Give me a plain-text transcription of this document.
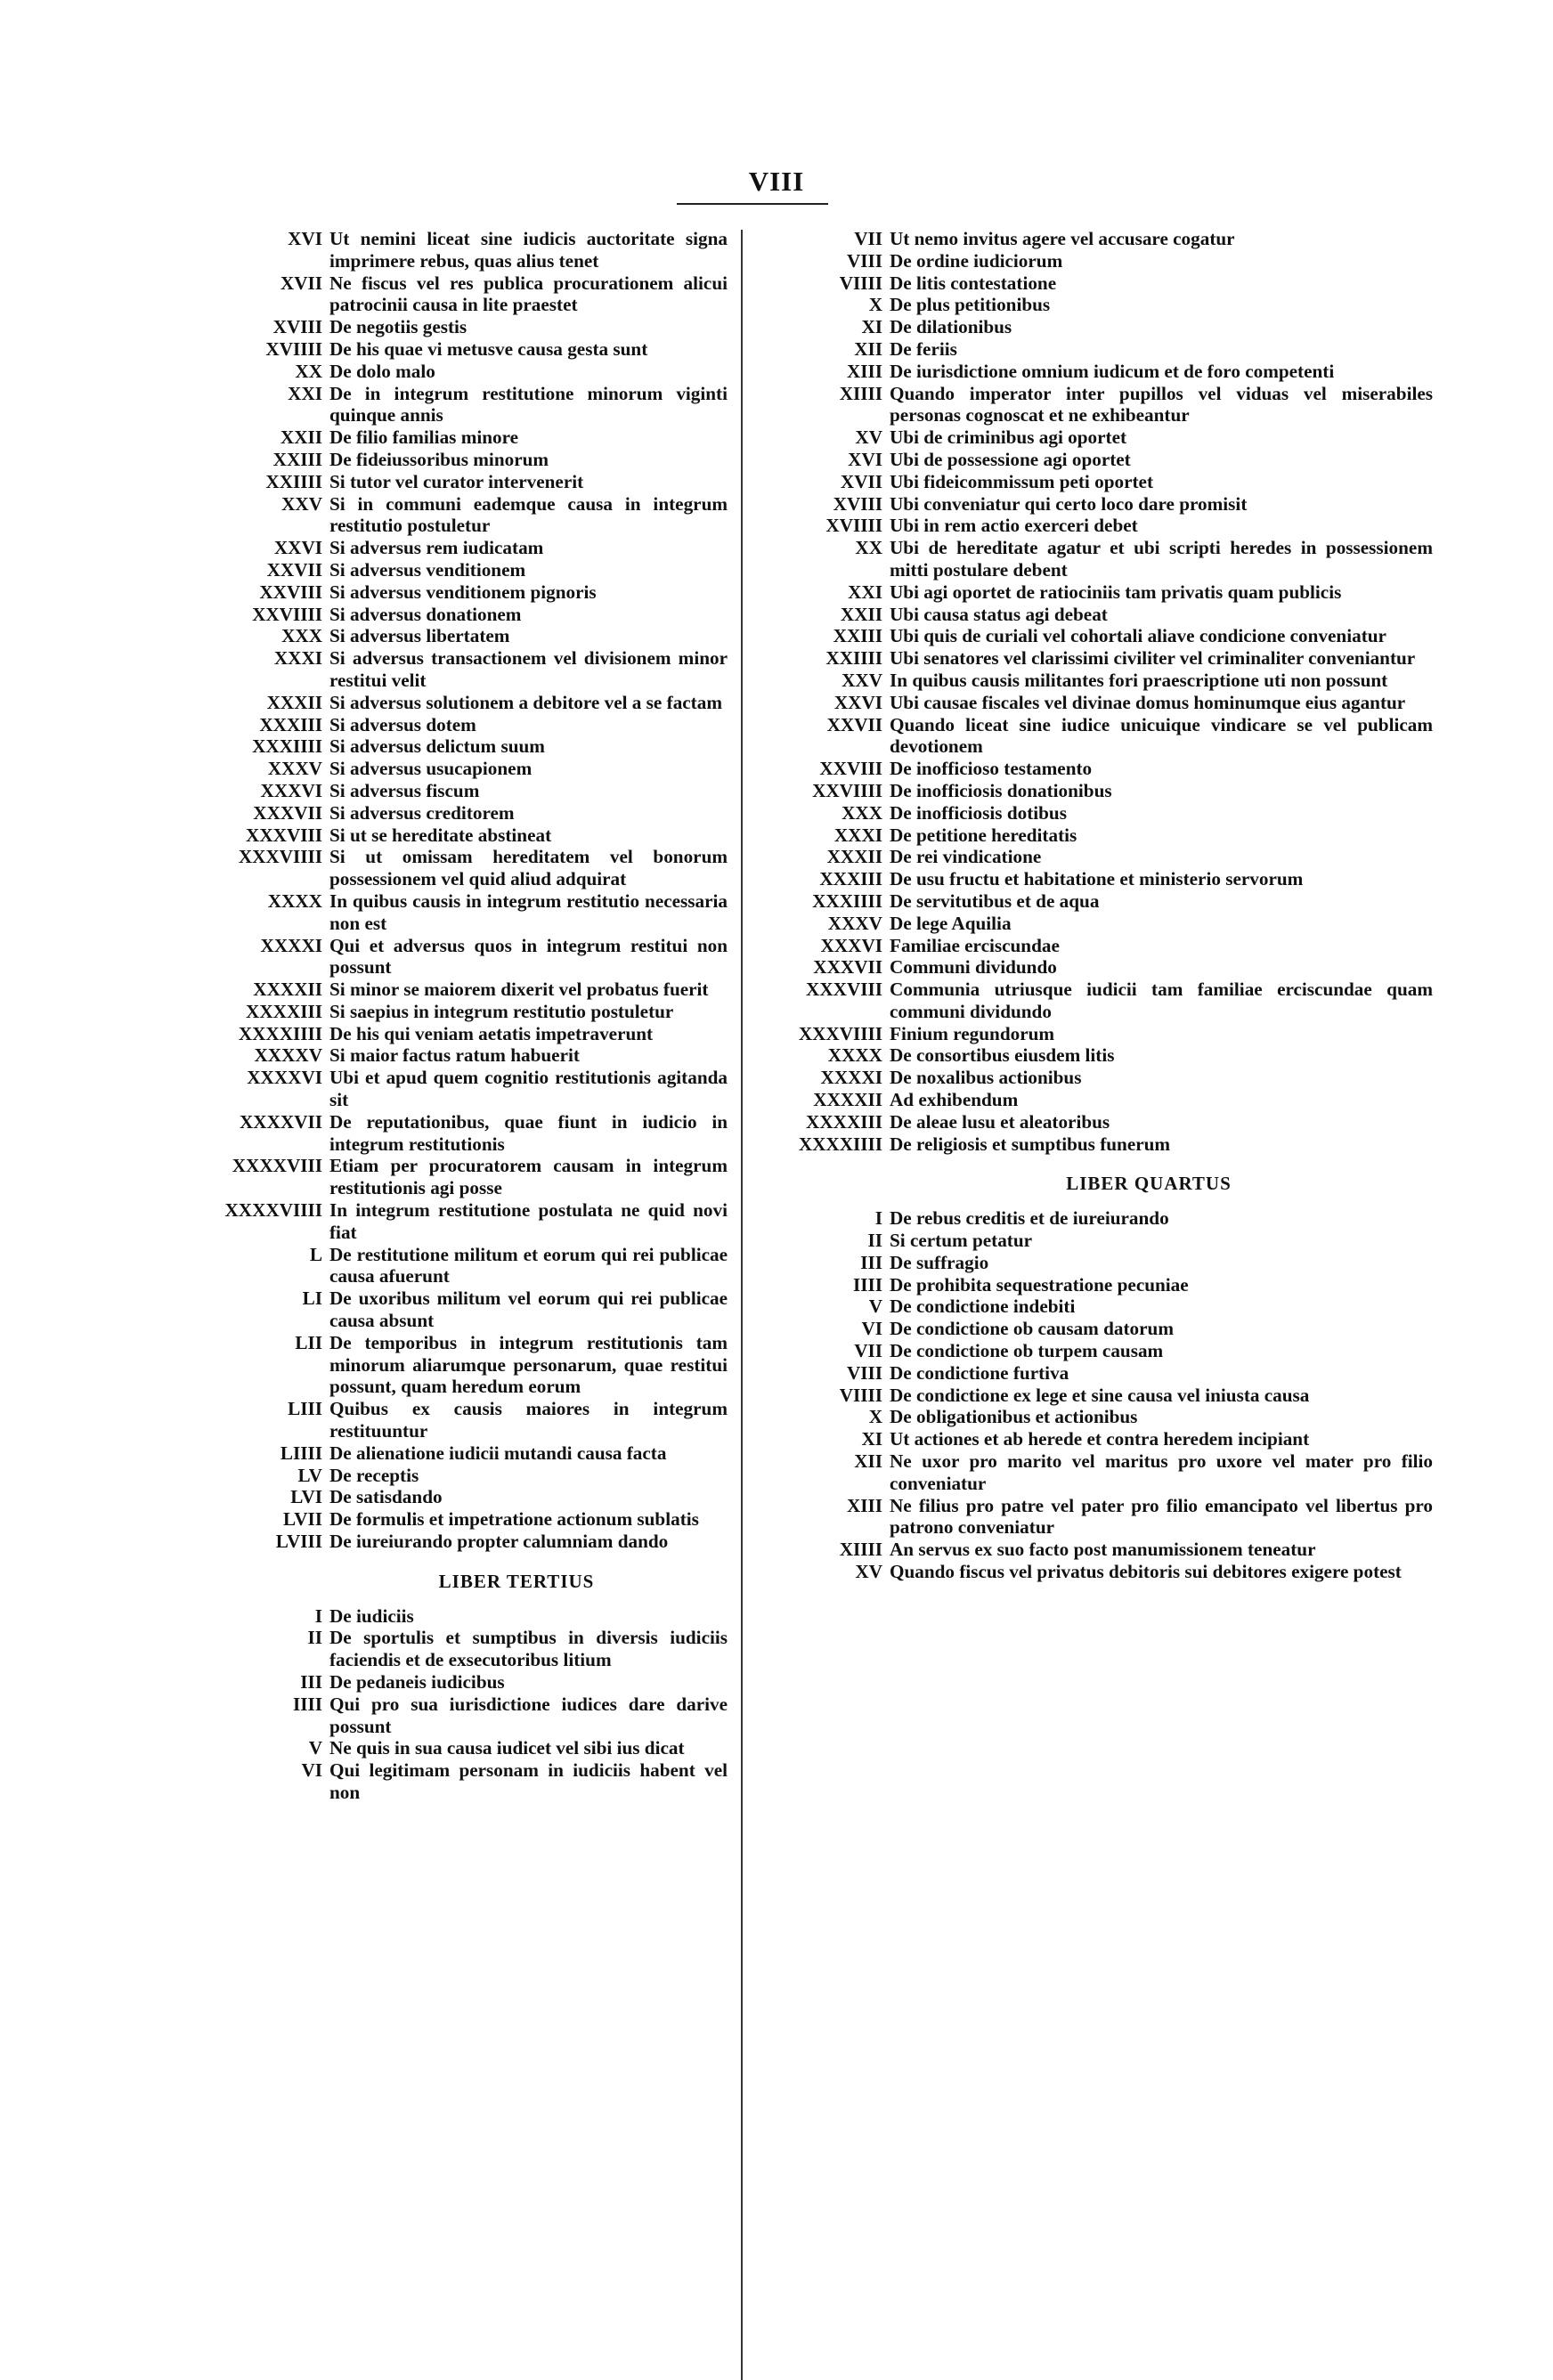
VIII
XVI Ut nemini liceat sine iudicis auctoritate signa imprimere rebus, quas alius tenet
XVII Ne fiscus vel res publica procurationem alicui patrocinii causa in lite praestet
XVIII De negotiis gestis
XVIIII De his quae vi metusve causa gesta sunt
XX De dolo malo
XXI De in integrum restitutione minorum viginti quinque annis
XXII De filio familias minore
XXIII De fideiussoribus minorum
XXIIII Si tutor vel curator intervenerit
XXV Si in communi eademque causa in integrum restitutio postuletur
XXVI Si adversus rem iudicatam
XXVII Si adversus venditionem
XXVIII Si adversus venditionem pignoris
XXVIIII Si adversus donationem
XXX Si adversus libertatem
XXXI Si adversus transactionem vel divisionem minor restitui velit
XXXII Si adversus solutionem a debitore vel a se factam
XXXIII Si adversus dotem
XXXIIII Si adversus delictum suum
XXXV Si adversus usucapionem
XXXVI Si adversus fiscum
XXXVII Si adversus creditorem
XXXVIII Si ut se hereditate abstineat
XXXVIIII Si ut omissam hereditatem vel bonorum possessionem vel quid aliud adquirat
XXXX In quibus causis in integrum restitutio necessaria non est
XXXXI Qui et adversus quos in integrum restitui non possunt
XXXXII Si minor se maiorem dixerit vel probatus fuerit
XXXXIII Si saepius in integrum restitutio postuletur
XXXXIIII De his qui veniam aetatis impetraverunt
XXXXV Si maior factus ratum habuerit
XXXXVI Ubi et apud quem cognitio restitutionis agitanda sit
XXXXVII De reputationibus, quae fiunt in iudicio in integrum restitutionis
XXXXVIII Etiam per procuratorem causam in integrum restitutionis agi posse
XXXXVIIII In integrum restitutione postulata ne quid novi fiat
L De restitutione militum et eorum qui rei publicae causa afuerunt
LI De uxoribus militum vel eorum qui rei publicae causa absunt
LII De temporibus in integrum restitutionis tam minorum aliarumque personarum, quae restitui possunt, quam heredum eorum
LIII Quibus ex causis maiores in integrum restituuntur
LIIII De alienatione iudicii mutandi causa facta
LV De receptis
LVI De satisdando
LVII De formulis et impetratione actionum sublatis
LVIII De iureiurando propter calumniam dando
LIBER TERTIUS
I De iudiciis
II De sportulis et sumptibus in diversis iudiciis faciendis et de exsecutoribus litium
III De pedaneis iudicibus
IIII Qui pro sua iurisdictione iudices dare darive possunt
V Ne quis in sua causa iudicet vel sibi ius dicat
VI Qui legitimam personam in iudiciis habent vel non
VII Ut nemo invitus agere vel accusare cogatur
VIII De ordine iudiciorum
VIIII De litis contestatione
X De plus petitionibus
XI De dilationibus
XII De feriis
XIII De iurisdictione omnium iudicum et de foro competenti
XIIII Quando imperator inter pupillos vel viduas vel miserabiles personas cognoscat et ne exhibeantur
XV Ubi de criminibus agi oportet
XVI Ubi de possessione agi oportet
XVII Ubi fideicommissum peti oportet
XVIII Ubi conveniatur qui certo loco dare promisit
XVIIII Ubi in rem actio exerceri debet
XX Ubi de hereditate agatur et ubi scripti heredes in possessionem mitti postulare debent
XXI Ubi agi oportet de ratiociniis tam privatis quam publicis
XXII Ubi causa status agi debeat
XXIII Ubi quis de curiali vel cohortali aliave condicione conveniatur
XXIIII Ubi senatores vel clarissimi civiliter vel criminaliter conveniantur
XXV In quibus causis militantes fori praescriptione uti non possunt
XXVI Ubi causae fiscales vel divinae domus hominumque eius agantur
XXVII Quando liceat sine iudice unicuique vindicare se vel publicam devotionem
XXVIII De inofficioso testamento
XXVIIII De inofficiosis donationibus
XXX De inofficiosis dotibus
XXXI De petitione hereditatis
XXXII De rei vindicatione
XXXIII De usu fructu et habitatione et ministerio servorum
XXXIIII De servitutibus et de aqua
XXXV De lege Aquilia
XXXVI Familiae erciscundae
XXXVII Communi dividundo
XXXVIII Communia utriusque iudicii tam familiae erciscundae quam communi dividundo
XXXVIIII Finium regundorum
XXXX De consortibus eiusdem litis
XXXXI De noxalibus actionibus
XXXXII Ad exhibendum
XXXXIII De aleae lusu et aleatoribus
XXXXIIII De religiosis et sumptibus funerum
LIBER QUARTUS
I De rebus creditis et de iureiurando
II Si certum petatur
III De suffragio
IIII De prohibita sequestratione pecuniae
V De condictione indebiti
VI De condictione ob causam datorum
VII De condictione ob turpem causam
VIII De condictione furtiva
VIIII De condictione ex lege et sine causa vel iniusta causa
X De obligationibus et actionibus
XI Ut actiones et ab herede et contra heredem incipiant
XII Ne uxor pro marito vel maritus pro uxore vel mater pro filio conveniatur
XIII Ne filius pro patre vel pater pro filio emancipato vel libertus pro patrono conveniatur
XIIII An servus ex suo facto post manumissionem teneatur
XV Quando fiscus vel privatus debitoris sui debitores exigere potest
